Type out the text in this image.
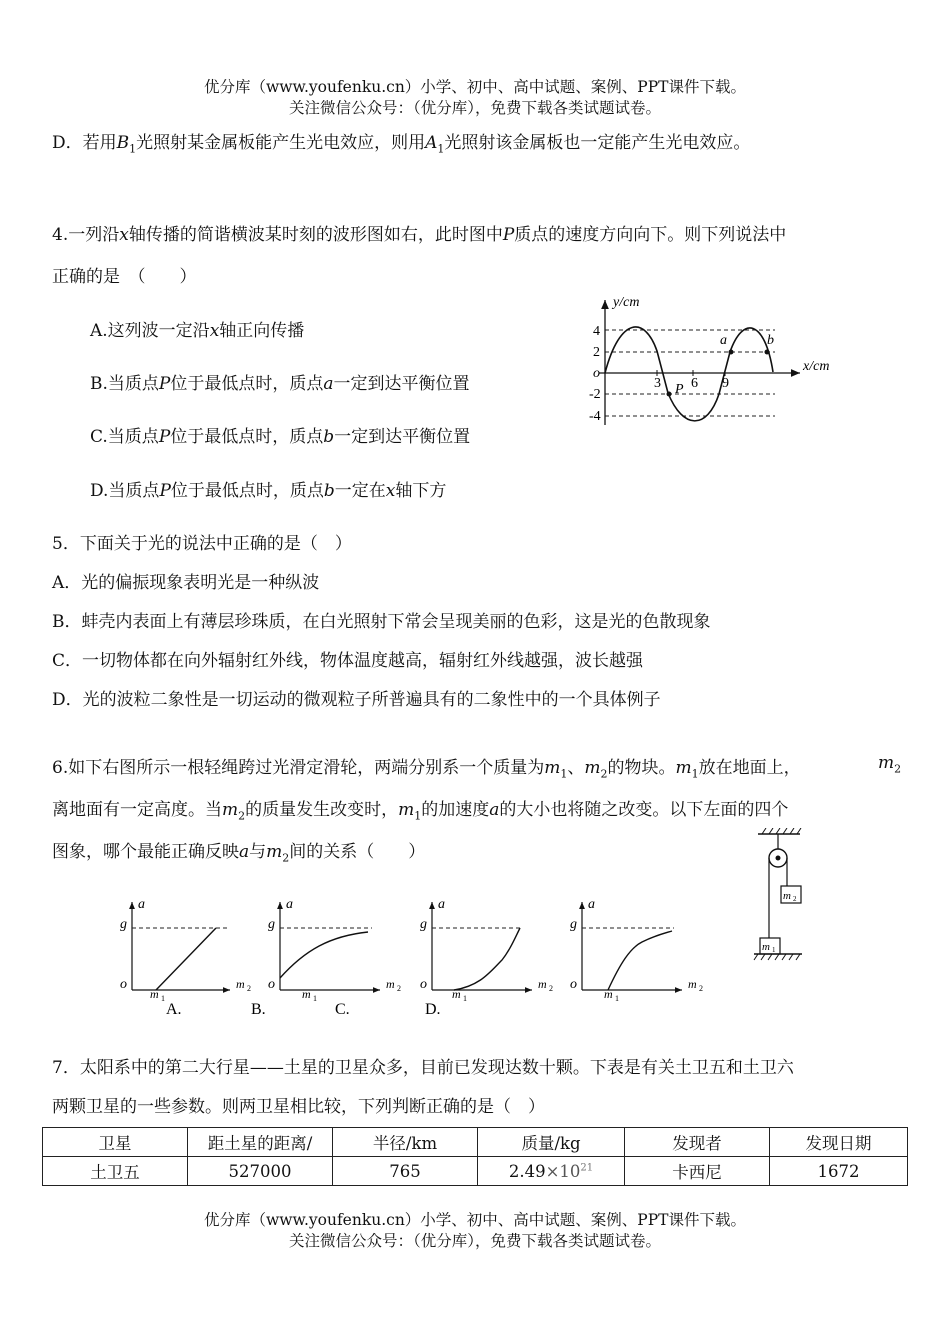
优分库（www.youfenku.cn）小学、初中、高中试题、案例、PPT课件下载。
关注微信公众号：（优分库），免费下载各类试题试卷。
D．若用$B_1$光照射某金属板能产生光电效应，则用$A_1$光照射该金属板也一定能产生光电效应。
4.一列沿x轴传播的简谐横波某时刻的波形图如右，此时图中P质点的速度方向向下。则下列说法中
正确的是　（　　）
A.这列波一定沿x轴正向传播
B.当质点P位于最低点时，质点a一定到达平衡位置
C.当质点P位于最低点时，质点b一定到达平衡位置
D.当质点P位于最低点时，质点b一定在x轴下方
y/cm
x/cm
o
4
2
-2
-4
3 6 9
a	b
P
5．下面关于光的说法中正确的是（　）
A．光的偏振现象表明光是一种纵波
B．蚌壳内表面上有薄层珍珠质，在白光照射下常会呈现美丽的色彩，这是光的色散现象
C．一切物体都在向外辐射红外线，物体温度越高，辐射红外线越强，波长越强
D．光的波粒二象性是一切运动的微观粒子所普遍具有的二象性中的一个具体例子
6.如下右图所示一根轻绳跨过光滑定滑轮，两端分别系一个质量为$m_1$、$m_2$的物块。$m_1$放在地面上，	$m_2$
离地面有一定高度。当$m_2$的质量发生改变时，$m_1$的加速度a的大小也将随之改变。以下左面的四个
图象，哪个最能正确反映a与$m_2$间的关系（　　）
a
g
o
m 1
m 2
a
g
o
m 1
m 2
a
g
o
m 1
m 2
a
g
o
m 1
m 2
A.	B.	C.	D.
m 2
m 1
7．太阳系中的第二大行星——土星的卫星众多，目前已发现达数十颗。下表是有关土卫五和土卫六
两颗卫星的一些参数。则两卫星相比较，下列判断正确的是（　）
卫星	距土星的距离/	半径/km	质量/kg	发现者	发现日期
土卫五	527000	765	$2.49\times 10^{21}$	卡西尼	1672
优分库（www.youfenku.cn）小学、初中、高中试题、案例、PPT课件下载。
关注微信公众号：（优分库），免费下载各类试题试卷。
